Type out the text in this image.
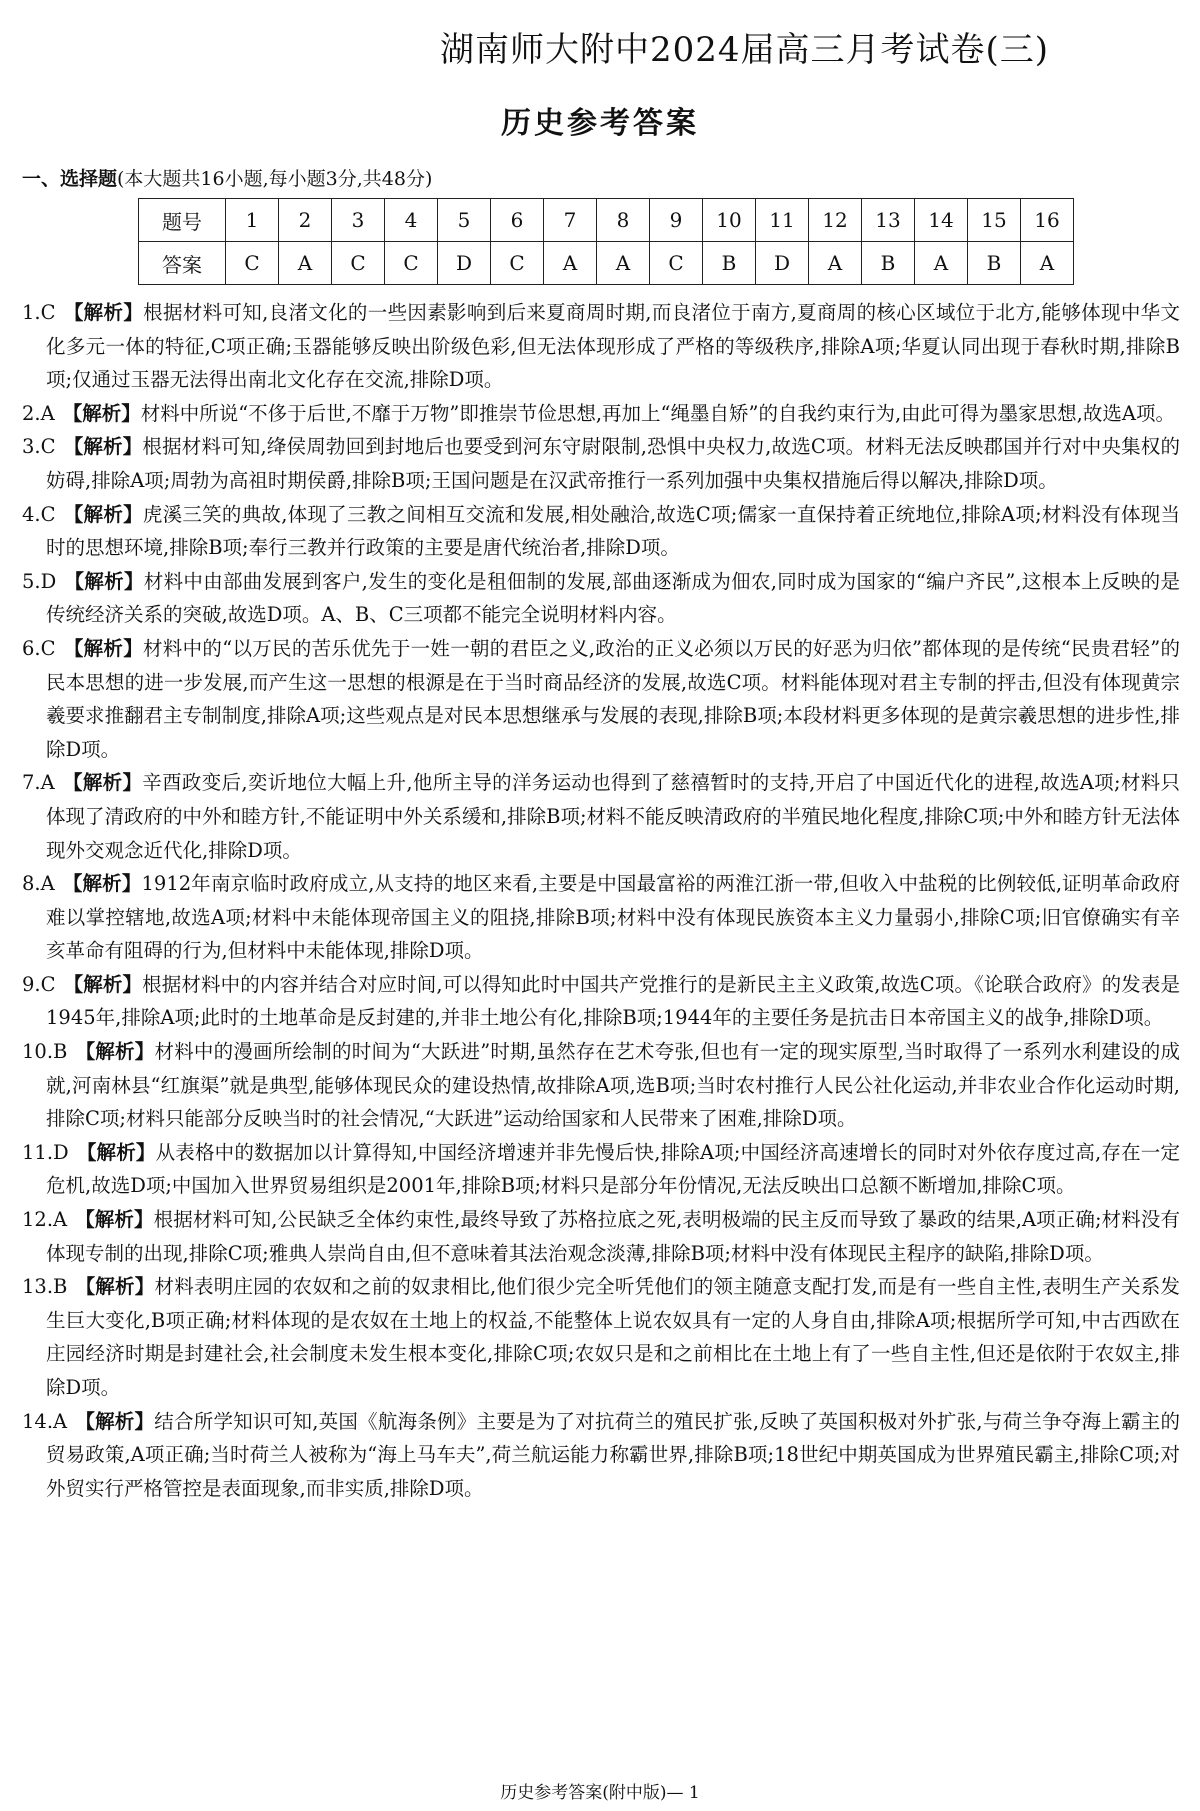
湖南师大附中2024届高三月考试卷(三)
历史参考答案
一、选择题(本大题共16小题,每小题3分,共48分)
题号	1	2	3	4	5	6	7	8	9	10	11	12	13	14	15	16
答案	C	A	C	C	D	C	A	A	C	B	D	A	B	A	B	A

1.C 【解析】根据材料可知,良渚文化的一些因素影响到后来夏商周时期,而良渚位于南方,夏商周的核心区域位于北方,能够体现中华文化多元一体的特征,C项正确;玉器能够反映出阶级色彩,但无法体现形成了严格的等级秩序,排除A项;华夏认同出现于春秋时期,排除B项;仅通过玉器无法得出南北文化存在交流,排除D项。

2.A 【解析】材料中所说“不侈于后世,不靡于万物”即推崇节俭思想,再加上“绳墨自矫”的自我约束行为,由此可得为墨家思想,故选A项。

3.C 【解析】根据材料可知,绛侯周勃回到封地后也要受到河东守尉限制,恐惧中央权力,故选C项。材料无法反映郡国并行对中央集权的妨碍,排除A项;周勃为高祖时期侯爵,排除B项;王国问题是在汉武帝推行一系列加强中央集权措施后得以解决,排除D项。

4.C 【解析】虎溪三笑的典故,体现了三教之间相互交流和发展,相处融洽,故选C项;儒家一直保持着正统地位,排除A项;材料没有体现当时的思想环境,排除B项;奉行三教并行政策的主要是唐代统治者,排除D项。

5.D 【解析】材料中由部曲发展到客户,发生的变化是租佃制的发展,部曲逐渐成为佃农,同时成为国家的“编户齐民”,这根本上反映的是传统经济关系的突破,故选D项。A、B、C三项都不能完全说明材料内容。

6.C 【解析】材料中的“以万民的苦乐优先于一姓一朝的君臣之义,政治的正义必须以万民的好恶为归依”都体现的是传统“民贵君轻”的民本思想的进一步发展,而产生这一思想的根源是在于当时商品经济的发展,故选C项。材料能体现对君主专制的抨击,但没有体现黄宗羲要求推翻君主专制制度,排除A项;这些观点是对民本思想继承与发展的表现,排除B项;本段材料更多体现的是黄宗羲思想的进步性,排除D项。

7.A 【解析】辛酉政变后,奕䜣地位大幅上升,他所主导的洋务运动也得到了慈禧暂时的支持,开启了中国近代化的进程,故选A项;材料只体现了清政府的中外和睦方针,不能证明中外关系缓和,排除B项;材料不能反映清政府的半殖民地化程度,排除C项;中外和睦方针无法体现外交观念近代化,排除D项。

8.A 【解析】1912年南京临时政府成立,从支持的地区来看,主要是中国最富裕的两淮江浙一带,但收入中盐税的比例较低,证明革命政府难以掌控辖地,故选A项;材料中未能体现帝国主义的阻挠,排除B项;材料中没有体现民族资本主义力量弱小,排除C项;旧官僚确实有辛亥革命有阻碍的行为,但材料中未能体现,排除D项。

9.C 【解析】根据材料中的内容并结合对应时间,可以得知此时中国共产党推行的是新民主主义政策,故选C项。《论联合政府》的发表是1945年,排除A项;此时的土地革命是反封建的,并非土地公有化,排除B项;1944年的主要任务是抗击日本帝国主义的战争,排除D项。

10.B 【解析】材料中的漫画所绘制的时间为“大跃进”时期,虽然存在艺术夸张,但也有一定的现实原型,当时取得了一系列水利建设的成就,河南林县“红旗渠”就是典型,能够体现民众的建设热情,故排除A项,选B项;当时农村推行人民公社化运动,并非农业合作化运动时期,排除C项;材料只能部分反映当时的社会情况,“大跃进”运动给国家和人民带来了困难,排除D项。

11.D 【解析】从表格中的数据加以计算得知,中国经济增速并非先慢后快,排除A项;中国经济高速增长的同时对外依存度过高,存在一定危机,故选D项;中国加入世界贸易组织是2001年,排除B项;材料只是部分年份情况,无法反映出口总额不断增加,排除C项。

12.A 【解析】根据材料可知,公民缺乏全体约束性,最终导致了苏格拉底之死,表明极端的民主反而导致了暴政的结果,A项正确;材料没有体现专制的出现,排除C项;雅典人崇尚自由,但不意味着其法治观念淡薄,排除B项;材料中没有体现民主程序的缺陷,排除D项。

13.B 【解析】材料表明庄园的农奴和之前的奴隶相比,他们很少完全听凭他们的领主随意支配打发,而是有一些自主性,表明生产关系发生巨大变化,B项正确;材料体现的是农奴在土地上的权益,不能整体上说农奴具有一定的人身自由,排除A项;根据所学可知,中古西欧在庄园经济时期是封建社会,社会制度未发生根本变化,排除C项;农奴只是和之前相比在土地上有了一些自主性,但还是依附于农奴主,排除D项。

14.A 【解析】结合所学知识可知,英国《航海条例》主要是为了对抗荷兰的殖民扩张,反映了英国积极对外扩张,与荷兰争夺海上霸主的贸易政策,A项正确;当时荷兰人被称为“海上马车夫”,荷兰航运能力称霸世界,排除B项;18世纪中期英国成为世界殖民霸主,排除C项;对外贸实行严格管控是表面现象,而非实质,排除D项。

历史参考答案(附中版)— 1
